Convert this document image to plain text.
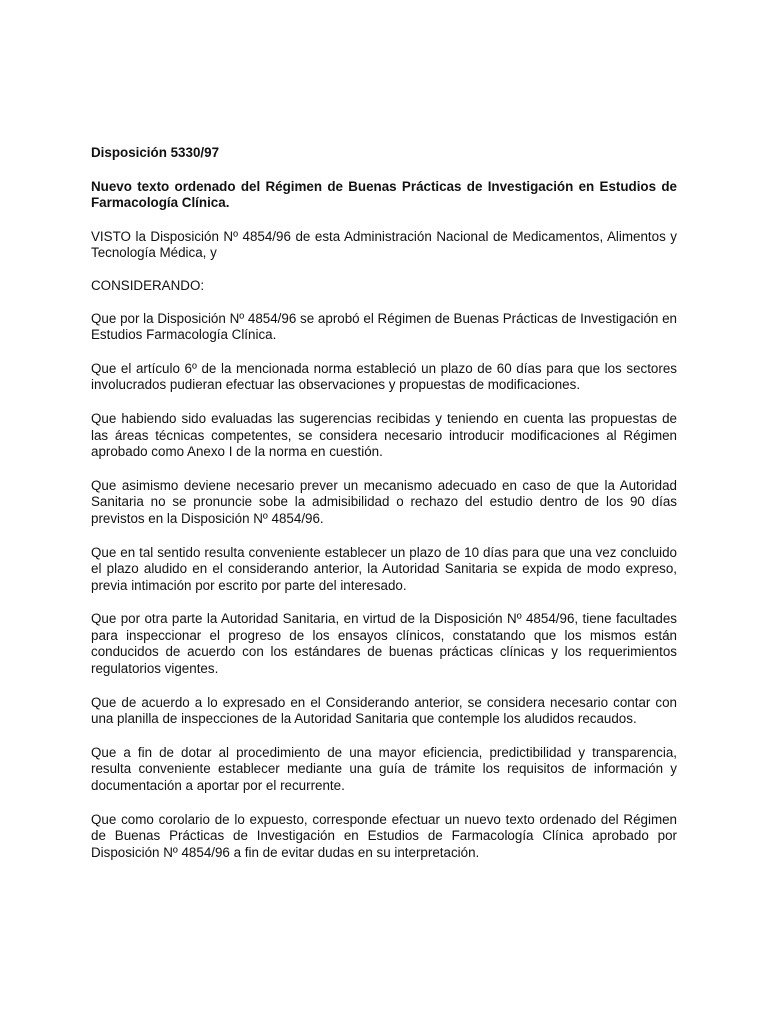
Disposición 5330/97

Nuevo texto ordenado del Régimen de Buenas Prácticas de Investigación en Estudios de Farmacología Clínica.

VISTO la Disposición Nº 4854/96 de esta Administración Nacional de Medicamentos, Alimentos y Tecnología Médica, y

CONSIDERANDO:

Que por la Disposición Nº 4854/96 se aprobó el Régimen de Buenas Prácticas de Investigación en Estudios Farmacología Clínica.

Que el artículo 6º de la mencionada norma estableció un plazo de 60 días para que los sectores involucrados pudieran efectuar las observaciones y propuestas de modificaciones.

Que habiendo sido evaluadas las sugerencias recibidas y teniendo en cuenta las propuestas de las áreas técnicas competentes, se considera necesario introducir modificaciones al Régimen aprobado como Anexo I de la norma en cuestión.

Que asimismo deviene necesario prever un mecanismo adecuado en caso de que la Autoridad Sanitaria no se pronuncie sobe la admisibilidad o rechazo del estudio dentro de los 90 días previstos en la Disposición Nº 4854/96.

Que en tal sentido resulta conveniente establecer un plazo de 10 días para que una vez concluido el plazo aludido en el considerando anterior, la Autoridad Sanitaria se expida de modo expreso, previa intimación por escrito por parte del interesado.

Que por otra parte la Autoridad Sanitaria, en virtud de la Disposición Nº 4854/96, tiene facultades para inspeccionar el progreso de los ensayos clínicos, constatando que los mismos están conducidos de acuerdo con los estándares de buenas prácticas clínicas y los requerimientos regulatorios vigentes.

Que de acuerdo a lo expresado en el Considerando anterior, se considera necesario contar con una planilla de inspecciones de la Autoridad Sanitaria que contemple los aludidos recaudos.

Que a fin de dotar al procedimiento de una mayor eficiencia, predictibilidad y transparencia, resulta conveniente establecer mediante una guía de trámite los requisitos de información y documentación a aportar por el recurrente.

Que como corolario de lo expuesto, corresponde efectuar un nuevo texto ordenado del Régimen de Buenas Prácticas de Investigación en Estudios de Farmacología Clínica aprobado por Disposición Nº 4854/96 a fin de evitar dudas en su interpretación.
